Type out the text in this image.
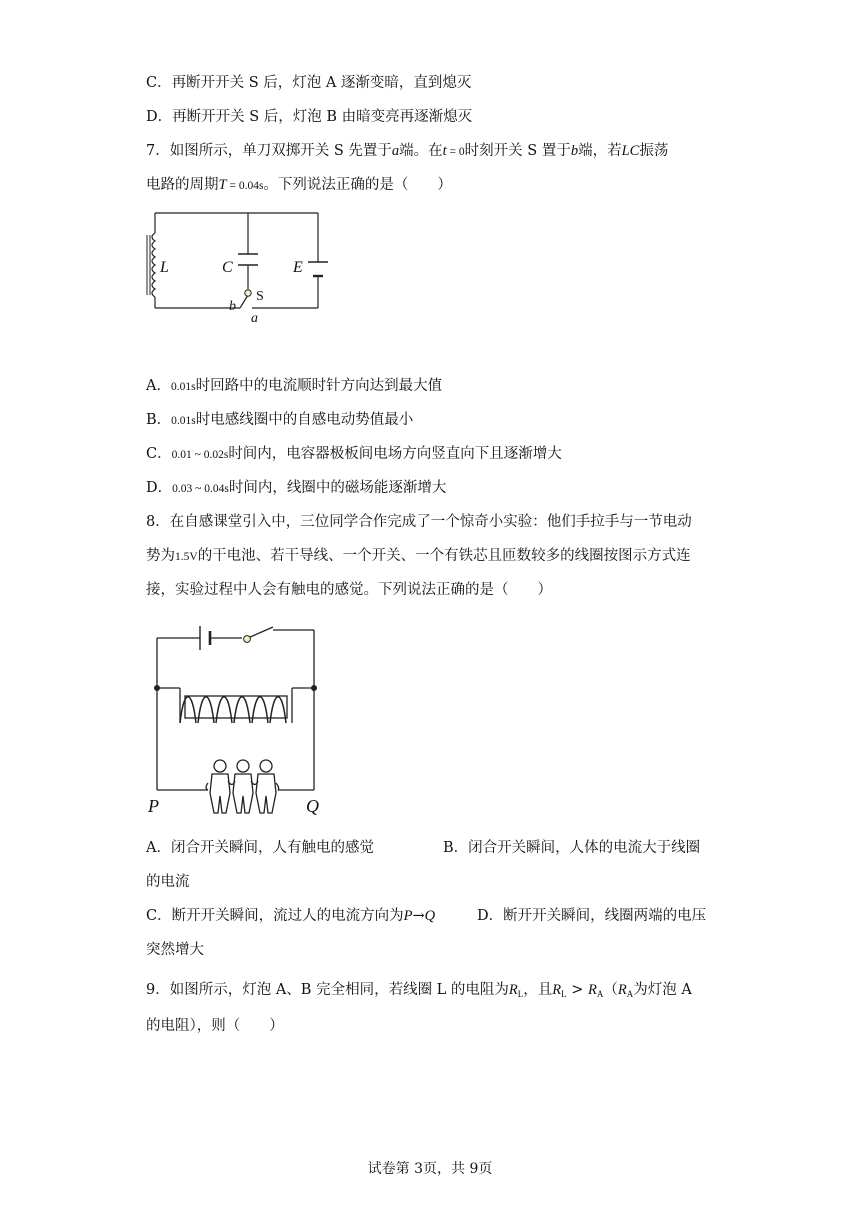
C．再断开开关 S 后，灯泡 A 逐渐变暗，直到熄灭
D．再断开开关 S 后，灯泡 B 由暗变亮再逐渐熄灭
7．如图所示，单刀双掷开关 S 先置于a端。在t = 0时刻开关 S 置于b端，若LC振荡
电路的周期T = 0.04s。下列说法正确的是（　　）
L	C	E
S
b
a
A．0.01s时回路中的电流顺时针方向达到最大值
B．0.01s时电感线圈中的自感电动势值最小
C．0.01 ~ 0.02s时间内，电容器极板间电场方向竖直向下且逐渐增大
D．0.03 ~ 0.04s时间内，线圈中的磁场能逐渐增大
8．在自感课堂引入中，三位同学合作完成了一个惊奇小实验：他们手拉手与一节电动
势为1.5V的干电池、若干导线、一个开关、一个有铁芯且匝数较多的线圈按图示方式连
接，实验过程中人会有触电的感觉。下列说法正确的是（　　）
P	Q
A．闭合开关瞬间，人有触电的感觉	B．闭合开关瞬间，人体的电流大于线圈
的电流
C．断开开关瞬间，流过人的电流方向为P→Q	D．断开开关瞬间，线圈两端的电压
突然增大
9．如图所示，灯泡 A、B 完全相同，若线圈 L 的电阻为$R_L$，且$R_L > R_A(R_A$为灯泡 A
的电阻），则（　　）
试卷第 3页，共 9页
